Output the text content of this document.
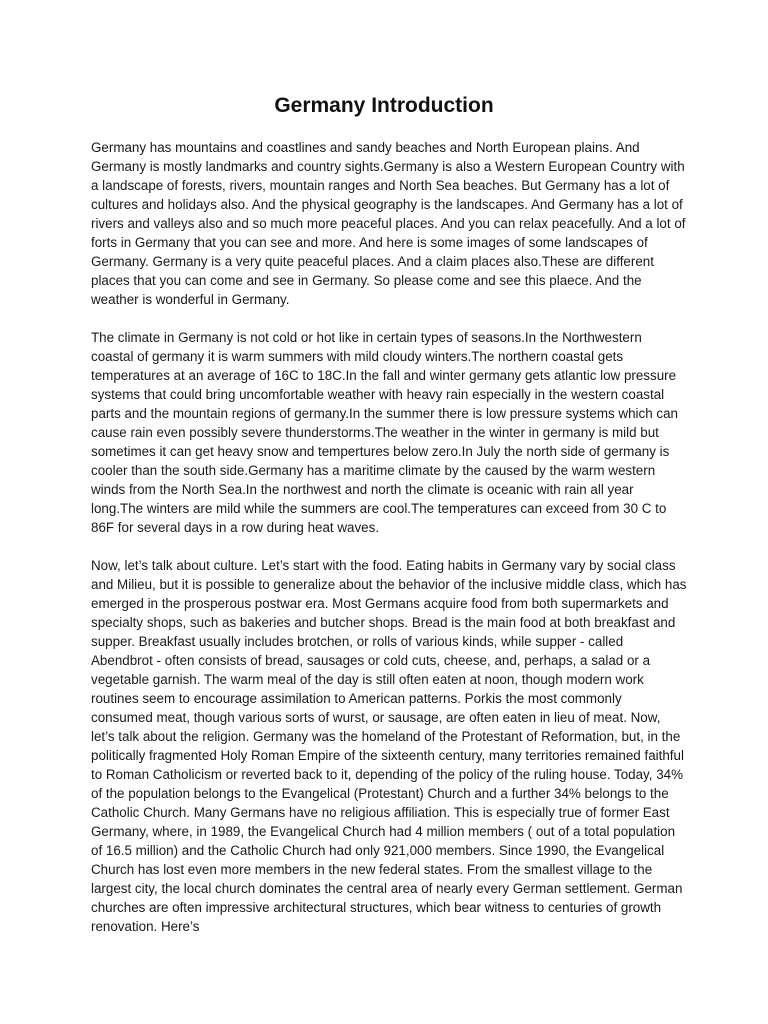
Germany Introduction

Germany has mountains and coastlines and sandy beaches and North European plains. And Germany is mostly landmarks and country sights.Germany is also a Western European Country with a landscape of forests, rivers, mountain ranges and North Sea beaches. But Germany has a lot of cultures and holidays also. And the physical geography is the landscapes. And Germany has a lot of rivers and valleys also and so much more peaceful places. And you can relax peacefully. And a lot of forts in Germany that you can see and more. And here is some images of some landscapes of Germany. Germany is a very quite peaceful places. And a claim places also.These are different places that you can come and see in Germany. So please come and see this plaece. And the weather is wonderful in Germany.

The climate in Germany is not cold or hot like in certain types of seasons.In the Northwestern coastal of germany it is warm summers with mild cloudy winters.The northern coastal gets temperatures at an average of 16C to 18C.In the fall and winter germany gets atlantic low pressure systems that could bring uncomfortable weather with heavy rain especially in the western coastal parts and the mountain regions of germany.In the summer there is low pressure systems which can cause rain even possibly severe thunderstorms.The weather in the winter in germany is mild but sometimes it can get heavy snow and tempertures below zero.In July the north side of germany is cooler than the south side.Germany has a maritime climate by the caused by the warm western winds from the North Sea.In the northwest and north the climate is oceanic with rain all year long.The winters are mild while the summers are cool.The temperatures can exceed from 30 C to 86F for several days in a row during heat waves.

Now, let’s talk about culture. Let’s start with the food. Eating habits in Germany vary by social class and Milieu, but it is possible to generalize about the behavior of the inclusive middle class, which has emerged in the prosperous postwar era. Most Germans acquire food from both supermarkets and specialty shops, such as bakeries and butcher shops. Bread is the main food at both breakfast and supper. Breakfast usually includes brotchen, or rolls of various kinds, while supper - called Abendbrot - often consists of bread, sausages or cold cuts, cheese, and, perhaps, a salad or a vegetable garnish. The warm meal of the day is still often eaten at noon, though modern work routines seem to encourage assimilation to American patterns. Porkis the most commonly consumed meat, though various sorts of wurst, or sausage, are often eaten in lieu of meat. Now, let’s talk about the religion. Germany was the homeland of the Protestant of Reformation, but, in the politically fragmented Holy Roman Empire of the sixteenth century, many territories remained faithful to Roman Catholicism or reverted back to it, depending of the policy of the ruling house. Today, 34% of the population belongs to the Evangelical (Protestant) Church and a further 34% belongs to the Catholic Church. Many Germans have no religious affiliation. This is especially true of former East Germany, where, in 1989, the Evangelical Church had 4 million members ( out of a total population of 16.5 million) and the Catholic Church had only 921,000 members. Since 1990, the Evangelical Church has lost even more members in the new federal states. From the smallest village to the largest city, the local church dominates the central area of nearly every German settlement. German churches are often impressive architectural structures, which bear witness to centuries of growth renovation. Here’s
